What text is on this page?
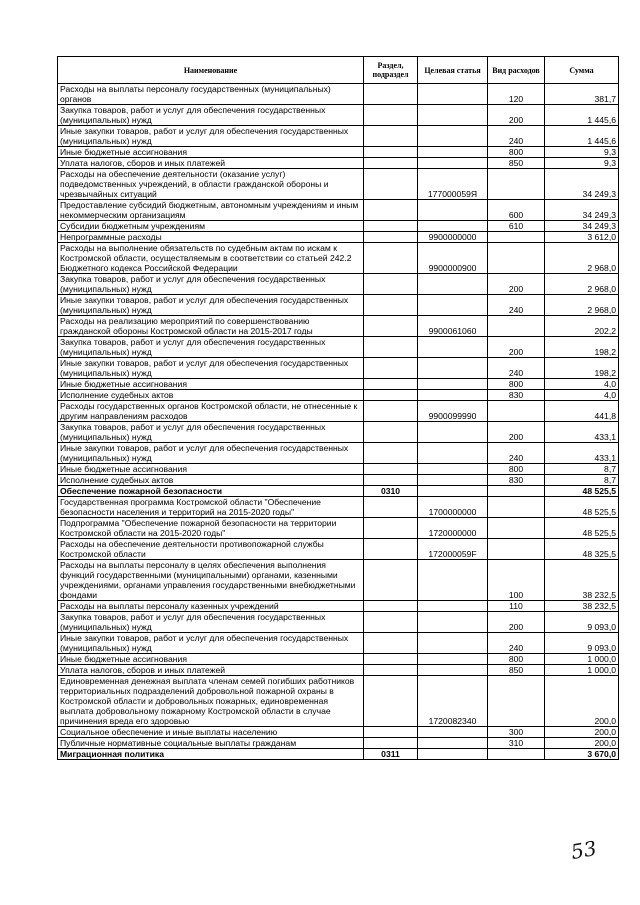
Наименование	Раздел, подраздел	Целевая статья	Вид расходов	Сумма
Расходы на выплаты персоналу государственных (муниципальных) органов			120	381,7
Закупка товаров, работ и услуг для обеспечения государственных (муниципальных) нужд			200	1 445,6
Иные закупки товаров, работ и услуг для обеспечения государственных (муниципальных) нужд			240	1 445,6
Иные бюджетные ассигнования			800	9,3
Уплата налогов, сборов и иных платежей			850	9,3
Расходы на обеспечение деятельности (оказание услуг) подведомственных учреждений, в области гражданской обороны и чрезвычайных ситуаций		177000059Я		34 249,3
Предоставление субсидий бюджетным, автономным учреждениям и иным некоммерческим организациям			600	34 249,3
Субсидии бюджетным учреждениям			610	34 249,3
Непрограммные расходы		9900000000		3 612,0
Расходы на выполнение обязательств по судебным актам по искам к Костромской области, осуществляемым в соответствии со статьей 242.2 Бюджетного кодекса Российской Федерации		9900000900		2 968,0
Закупка товаров, работ и услуг для обеспечения государственных (муниципальных) нужд			200	2 968,0
Иные закупки товаров, работ и услуг для обеспечения государственных (муниципальных) нужд			240	2 968,0
Расходы на реализацию мероприятий по совершенствованию гражданской обороны Костромской области на 2015-2017 годы		9900061060		202,2
Закупка товаров, работ и услуг для обеспечения государственных (муниципальных) нужд			200	198,2
Иные закупки товаров, работ и услуг для обеспечения государственных (муниципальных) нужд			240	198,2
Иные бюджетные ассигнования			800	4,0
Исполнение судебных актов			830	4,0
Расходы государственных органов Костромской области, не отнесенные к другим направлениям расходов		9900099990		441,8
Закупка товаров, работ и услуг для обеспечения государственных (муниципальных) нужд			200	433,1
Иные закупки товаров, работ и услуг для обеспечения государственных (муниципальных) нужд			240	433,1
Иные бюджетные ассигнования			800	8,7
Исполнение судебных актов			830	8,7
Обеспечение пожарной безопасности	0310			48 525,5
Государственная программа Костромской области "Обеспечение безопасности населения и территорий на 2015-2020 годы"		1700000000		48 525,5
Подпрограмма "Обеспечение пожарной безопасности на территории Костромской области на 2015-2020 годы"		1720000000		48 525,5
Расходы на обеспечение деятельности противопожарной службы Костромской области		172000059F		48 325,5
Расходы на выплаты персоналу в целях обеспечения выполнения функций государственными (муниципальными) органами, казенными учреждениями, органами управления государственными внебюджетными фондами			100	38 232,5
Расходы на выплаты персоналу казенных учреждений			110	38 232,5
Закупка товаров, работ и услуг для обеспечения государственных (муниципальных) нужд			200	9 093,0
Иные закупки товаров, работ и услуг для обеспечения государственных (муниципальных) нужд			240	9 093,0
Иные бюджетные ассигнования			800	1 000,0
Уплата налогов, сборов и иных платежей			850	1 000,0
Единовременная денежная выплата членам семей погибших работников территориальных подразделений добровольной пожарной охраны в Костромской области и добровольных пожарных, единовременная выплата добровольному пожарному Костромской области в случае причинения вреда его здоровью		1720082340		200,0
Социальное обеспечение и иные выплаты населению			300	200,0
Публичные нормативные социальные выплаты гражданам			310	200,0
Миграционная политика	0311			3 670,0
53
